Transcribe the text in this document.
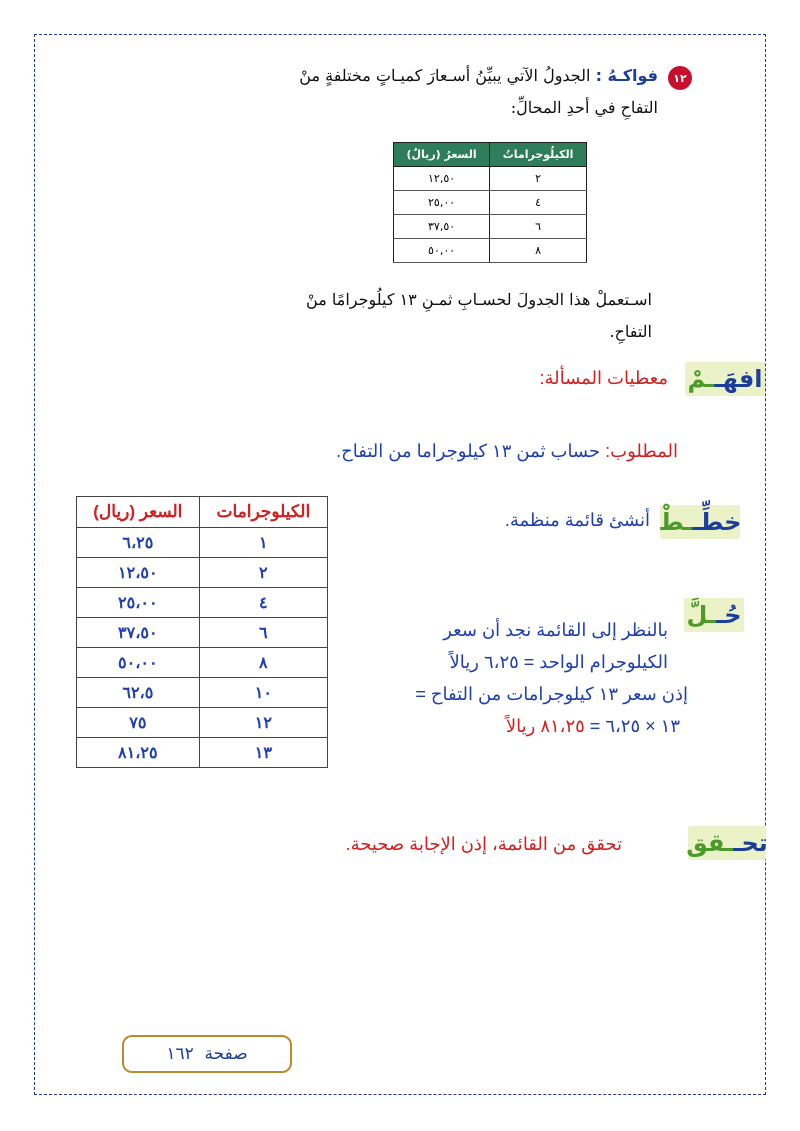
١٢
فواكـهُ : الجدولُ الآتي يبيِّنُ أسـعارَ كميـاتٍ مختلفةٍ منْ
التفاحِ في أحدِ المحالِّ:
الكيلُوجراماتُ	السعرُ (ريالٌ)
٢	١٢,٥٠
٤	٢٥,٠٠
٦	٣٧,٥٠
٨	٥٠,٠٠
اسـتعملْ هذا الجدولَ لحسـابِ ثمـنِ ١٣ كيلُوجرامًا منْ
التفاحِ.
ـمْ افهَـ
معطيات المسألة:
المطلوب: حساب ثمن ١٣ كيلوجراما من التفاح.
ـطْ خطِّـ
أنشئ قائمة منظمة.
الكيلوجرامات	السعر (ريال)
١	٦،٢٥
٢	١٢،٥٠
٤	٢٥،٠٠
٦	٣٧،٥٠
٨	٥٠،٠٠
١٠	٦٢،٥
١٢	٧٥
١٣	٨١،٢٥
ـلَّ حُـ
بالنظر إلى القائمة نجد أن سعر
الكيلوجرام الواحد = ٦،٢٥ ريالاً
إذن سعر ١٣ كيلوجرامات من التفاح =
١٣ × ٦،٢٥ = ٨١،٢٥ ريالاً
ـقق تحـ
تحقق من القائمة، إذن الإجابة صحيحة.
صفحة

١٦٢
